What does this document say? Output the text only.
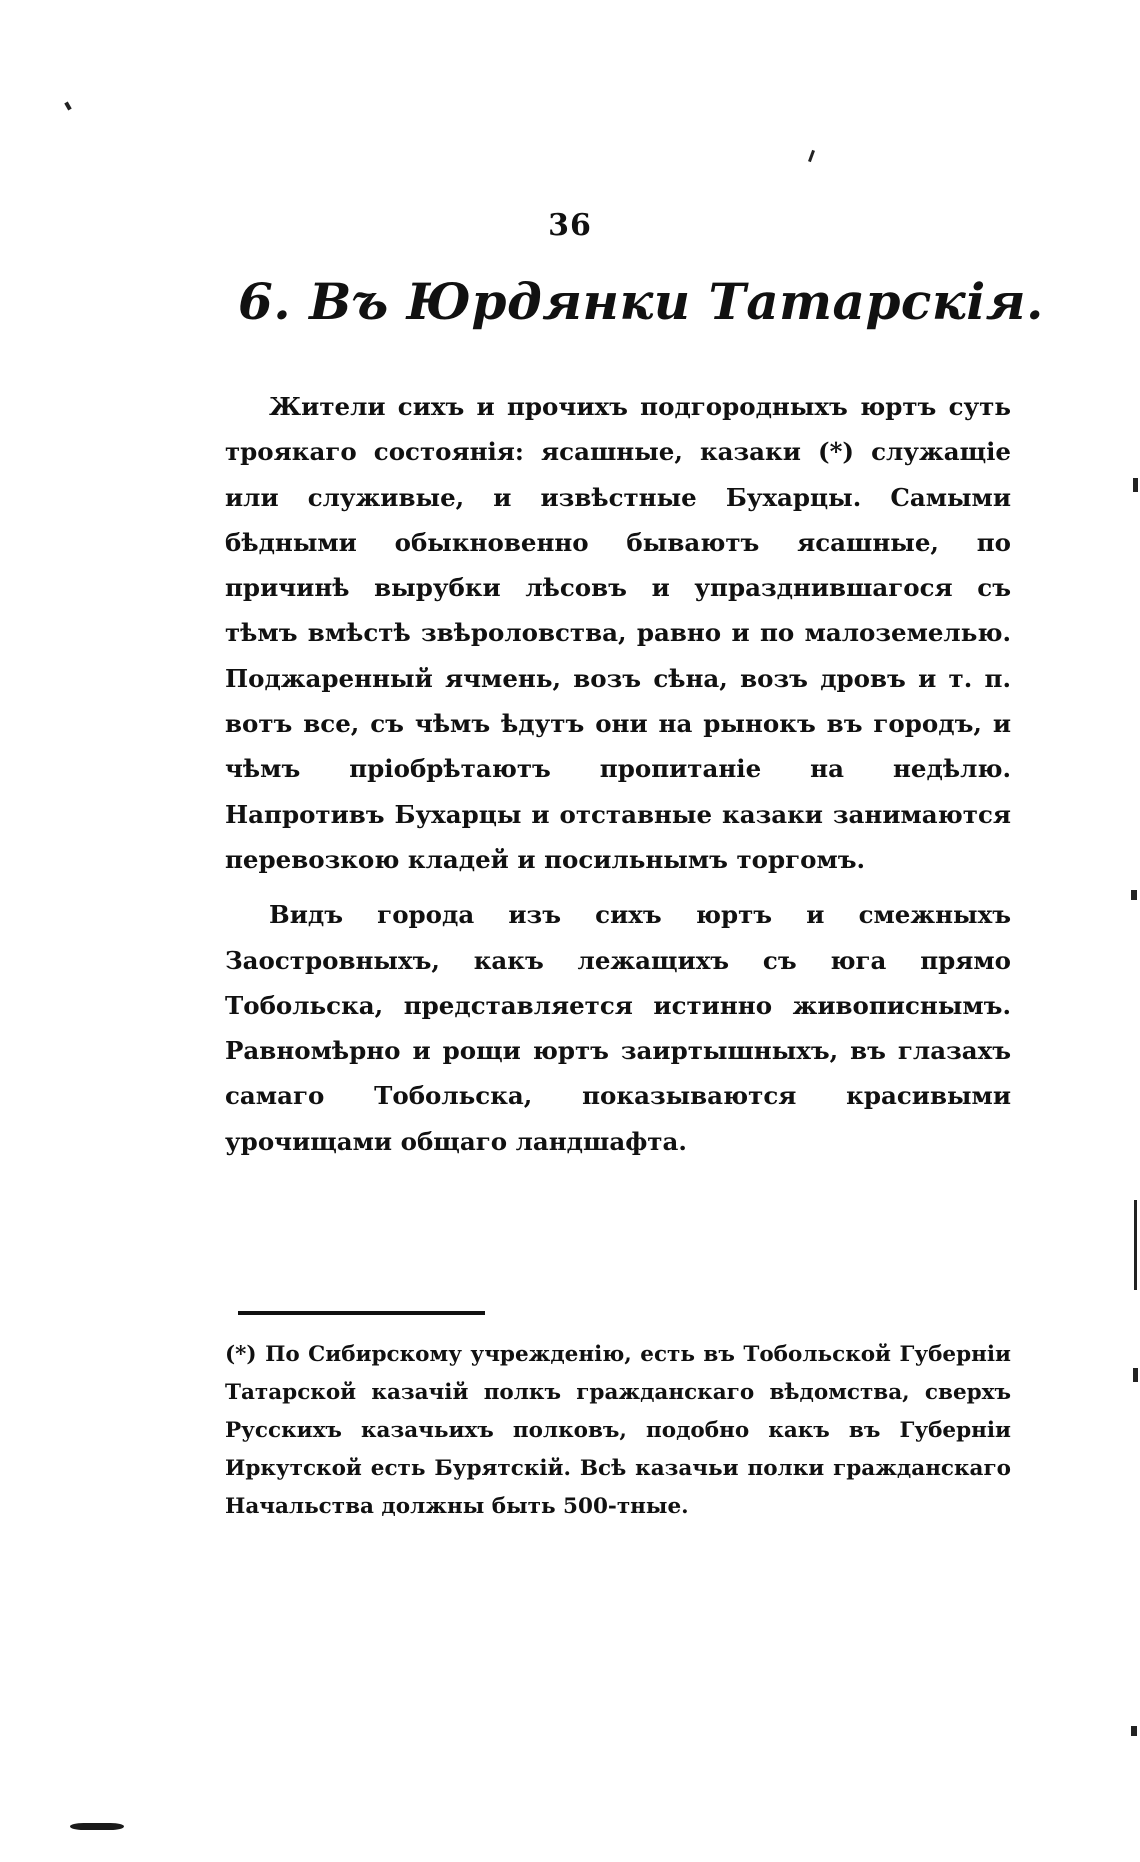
36
6. Въ Юрдянки Татарскія.

Жители сихъ и прочихъ подгородныхъ юртъ суть троякаго состоянія: ясашные, казаки (*) служащіе или служивые, и извѣстные Бухарцы. Самыми бѣдными обыкновенно бываютъ ясашные, по причинѣ вырубки лѣсовъ и упразднившагося съ тѣмъ вмѣстѣ звѣроловства, равно и по малоземелью. Поджаренный ячмень, возъ сѣна, возъ дровъ и т. п. вотъ все, съ чѣмъ ѣдутъ они на рынокъ въ городъ, и чѣмъ пріобрѣтаютъ пропитаніе на недѣлю. Напротивъ Бухарцы и отставные казаки занимаются перевозкою кладей и посильнымъ торгомъ.

Видъ города изъ сихъ юртъ и смежныхъ Заостровныхъ, какъ лежащихъ съ юга прямо Тобольска, представляется истинно живописнымъ. Равномѣрно и рощи юртъ заиртышныхъ, въ глазахъ самаго Тобольска, показываются красивыми урочищами общаго ландшафта.

(*) По Сибирскому учрежденію, есть въ Тобольской Губерніи Татарской казачій полкъ гражданскаго вѣдомства, сверхъ Русскихъ казачьихъ полковъ, подобно какъ въ Губерніи Иркутской есть Бурятскій. Всѣ казачьи полки гражданскаго Начальства должны быть 500-тные.
